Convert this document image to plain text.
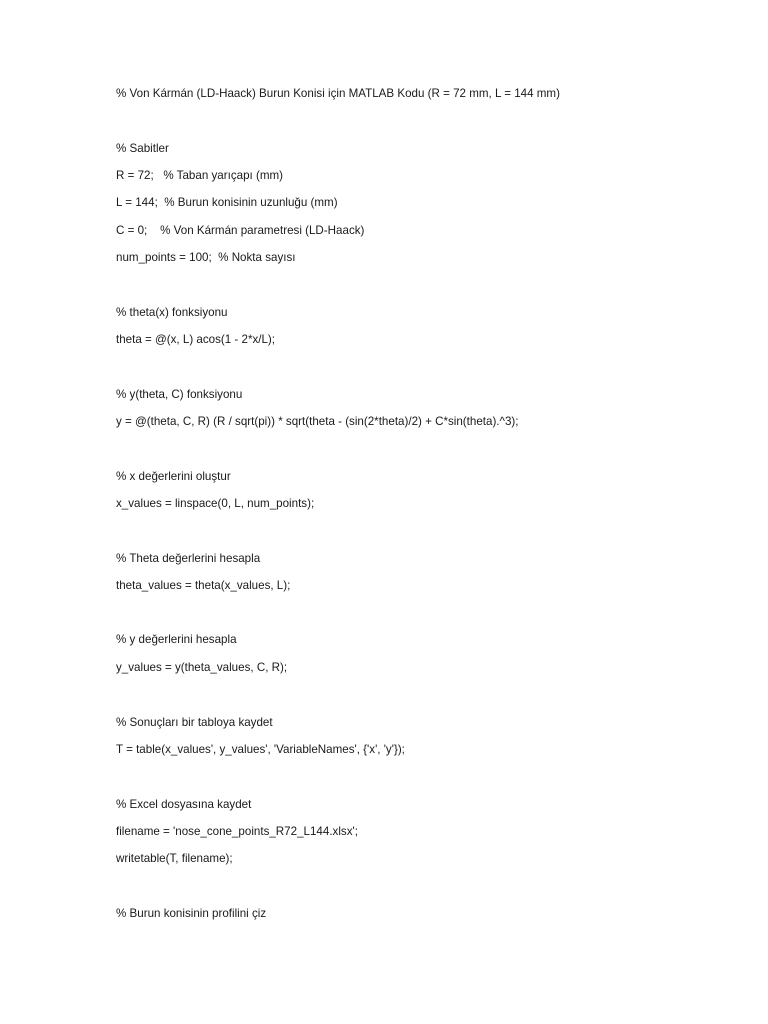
% Von Kármán (LD-Haack) Burun Konisi için MATLAB Kodu (R = 72 mm, L = 144 mm)
% Sabitler
R = 72;   % Taban yarıçapı (mm)
L = 144;  % Burun konisinin uzunluğu (mm)
C = 0;    % Von Kármán parametresi (LD-Haack)
num_points = 100;  % Nokta sayısı
% theta(x) fonksiyonu
theta = @(x, L) acos(1 - 2*x/L);
% y(theta, C) fonksiyonu
y = @(theta, C, R) (R / sqrt(pi)) * sqrt(theta - (sin(2*theta)/2) + C*sin(theta).^3);
% x değerlerini oluştur
x_values = linspace(0, L, num_points);
% Theta değerlerini hesapla
theta_values = theta(x_values, L);
% y değerlerini hesapla
y_values = y(theta_values, C, R);
% Sonuçları bir tabloya kaydet
T = table(x_values', y_values', 'VariableNames', {'x', 'y'});
% Excel dosyasına kaydet
filename = 'nose_cone_points_R72_L144.xlsx';
writetable(T, filename);
% Burun konisinin profilini çiz
